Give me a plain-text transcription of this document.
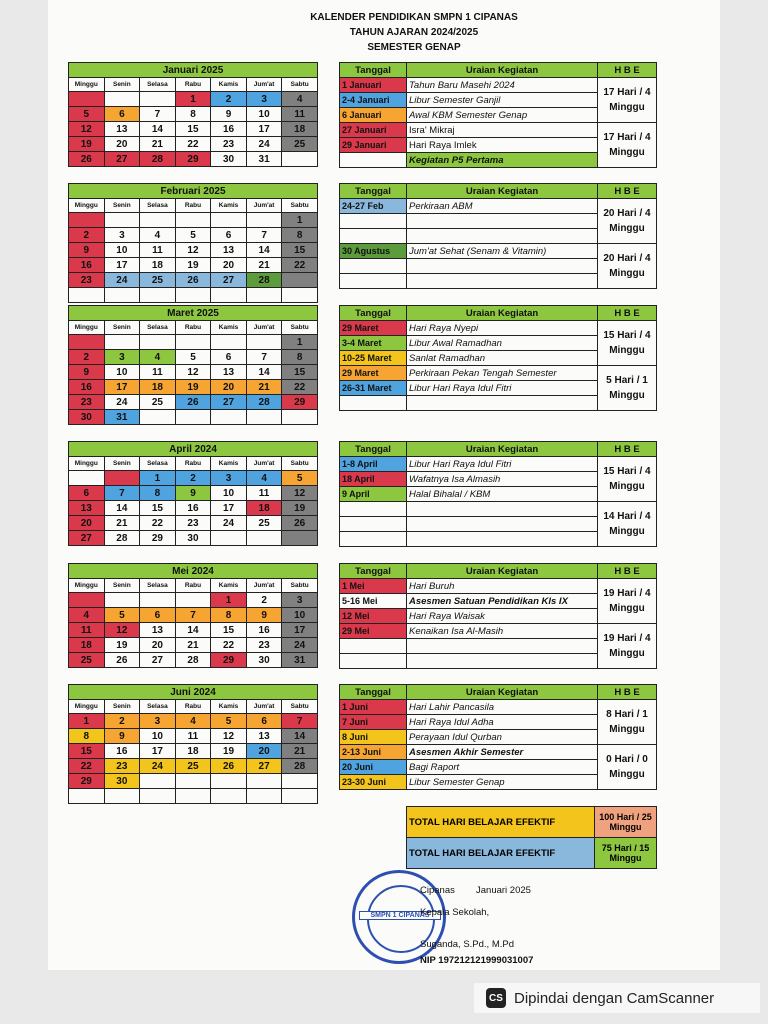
KALENDER PENDIDIKAN SMPN 1 CIPANAS
TAHUN AJARAN 2024/2025
SEMESTER GENAP
Januari 2025						
Minggu	Senin	Selasa	Rabu	Kamis	Jum'at	Sabtu
			1	2	3	4
5	6	7	8	9	10	11
12	13	14	15	16	17	18
19	20	21	22	23	24	25
26	27	28	29	30	31	
Tanggal	Uraian Kegiatan	H B E
1 Januari	Tahun Baru Masehi 2024	17 Hari / 4 Minggu
2-4 Januari	Libur Semester Ganjil	
6 Januari	Awal KBM Semester Genap	
27 Januari	Isra' Mikraj	17 Hari / 4 Minggu
29 Januari	Hari Raya Imlek	
	Kegiatan P5 Pertama	
Februari 2025						
Minggu	Senin	Selasa	Rabu	Kamis	Jum'at	Sabtu
						1
2	3	4	5	6	7	8
9	10	11	12	13	14	15
16	17	18	19	20	21	22
23	24	25	26	27	28	

Tanggal	Uraian Kegiatan	H B E
24-27 Feb	Perkiraan ABM	20 Hari / 4 Minggu

30 Agustus	Jum'at Sehat (Senam & Vitamin)	20 Hari / 4 Minggu

Maret 2025						
Minggu	Senin	Selasa	Rabu	Kamis	Jum'at	Sabtu
						1
2	3	4	5	6	7	8
9	10	11	12	13	14	15
16	17	18	19	20	21	22
23	24	25	26	27	28	29
30	31					
Tanggal	Uraian Kegiatan	H B E
29 Maret	Hari Raya Nyepi	15 Hari / 4 Minggu
3-4 Maret	Libur Awal Ramadhan	
10-25 Maret	Sanlat Ramadhan	
29 Maret	Perkiraan Pekan Tengah Semester	5 Hari / 1 Minggu
26-31 Maret	Libur Hari Raya Idul Fitri	

April 2024						
Minggu	Senin	Selasa	Rabu	Kamis	Jum'at	Sabtu
		1	2	3	4	5
6	7	8	9	10	11	12
13	14	15	16	17	18	19
20	21	22	23	24	25	26
27	28	29	30			
Tanggal	Uraian Kegiatan	H B E
1-8 April	Libur Hari Raya Idul Fitri	15 Hari / 4 Minggu
18 April	Wafatnya Isa Almasih	
9 April	Halal Bihalal / KBM	
		14 Hari / 4 Minggu

Mei 2024						
Minggu	Senin	Selasa	Rabu	Kamis	Jum'at	Sabtu
				1	2	3
4	5	6	7	8	9	10
11	12	13	14	15	16	17
18	19	20	21	22	23	24
25	26	27	28	29	30	31
Tanggal	Uraian Kegiatan	H B E
1 Mei	Hari Buruh	19 Hari / 4 Minggu
5-16 Mei	Asesmen Satuan Pendidikan Kls IX	
12 Mei	Hari Raya Waisak	
29 Mei	Kenaikan Isa Al-Masih	19 Hari / 4 Minggu

Juni 2024						
Minggu	Senin	Selasa	Rabu	Kamis	Jum'at	Sabtu
1	2	3	4	5	6	7
8	9	10	11	12	13	14
15	16	17	18	19	20	21
22	23	24	25	26	27	28
29	30					

Tanggal	Uraian Kegiatan	H B E
1 Juni	Hari Lahir Pancasila	8 Hari / 1 Minggu
7 Juni	Hari Raya Idul Adha	
8 Juni	Perayaan Idul Qurban	
2-13 Juni	Asesmen Akhir Semester	0 Hari / 0 Minggu
20 Juni	Bagi Raport	
23-30 Juni	Libur Semester Genap	
TOTAL HARI BELAJAR EFEKTIF	100 Hari / 25 Minggu
TOTAL HARI BELAJAR EFEKTIF	75 Hari / 15 Minggu
SMPN 1 CIPANAS
Cipanas	Januari 2025
Kepala Sekolah,
Suganda, S.Pd., M.Pd
NIP 197212121999031007
CS Dipindai dengan CamScanner
